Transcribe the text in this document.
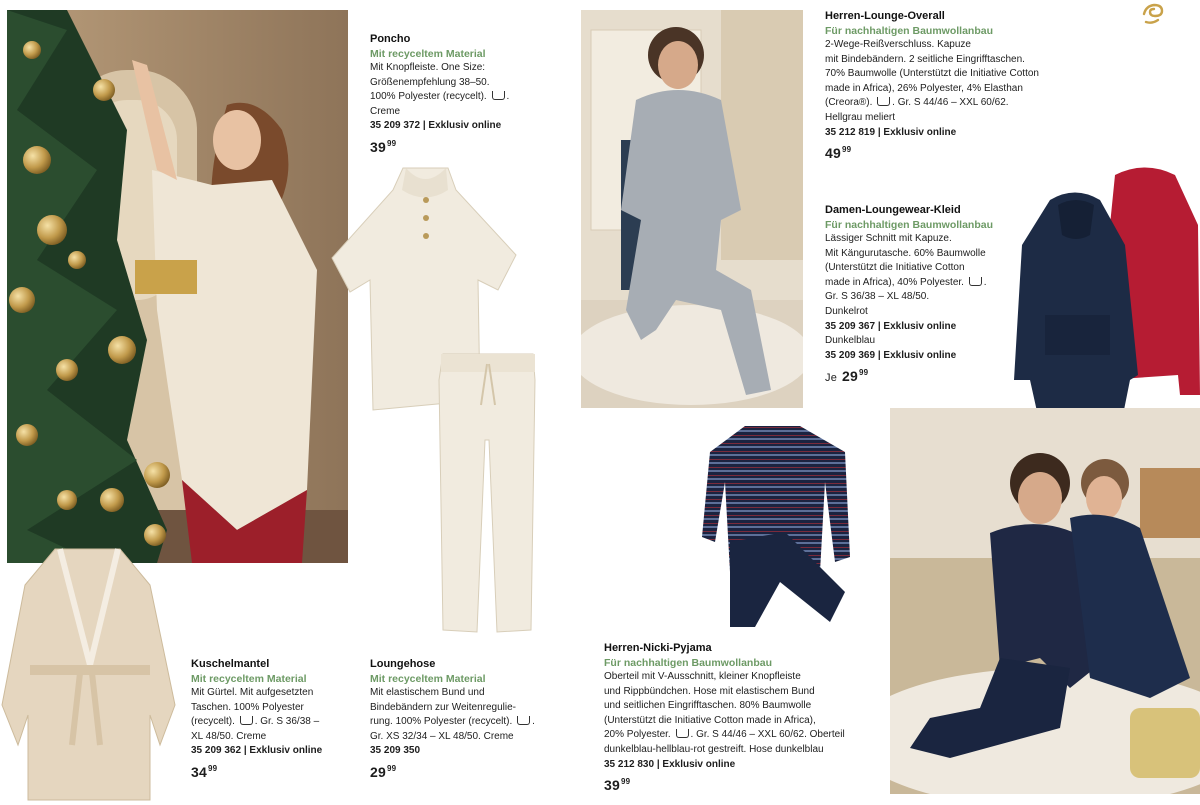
Poncho
Mit recyceltem Material
Mit Knopfleiste. One Size:
Größenempfehlung 38–50.
100% Polyester (recycelt). .
Creme
35 209 372 | Exklusiv online
$39^{99}$
Kuschelmantel
Mit recyceltem Material
Mit Gürtel. Mit aufgesetzten
Taschen. 100% Polyester
(recycelt). . Gr. S 36/38 –
XL 48/50. Creme
35 209 362 | Exklusiv online
$34^{99}$
Loungehose
Mit recyceltem Material
Mit elastischem Bund und
Bindebändern zur Weitenregulie-
rung. 100% Polyester (recycelt). .
Gr. XS 32/34 – XL 48/50. Creme
35 209 350
$29^{99}$
Herren-Lounge-Overall
Für nachhaltigen Baumwollanbau
2-Wege-Reißverschluss. Kapuze
mit Bindebändern. 2 seitliche Eingrifftaschen.
70% Baumwolle (Unterstützt die Initiative Cotton
made in Africa), 26% Polyester, 4% Elasthan
(Creora®). . Gr. S 44/46 – XXL 60/62.
Hellgrau meliert
35 212 819 | Exklusiv online
$49^{99}$
Damen-Loungewear-Kleid
Für nachhaltigen Baumwollanbau
Lässiger Schnitt mit Kapuze.
Mit Kängurutasche. 60% Baumwolle
(Unterstützt die Initiative Cotton
made in Africa), 40% Polyester. .
Gr. S 36/38 – XL 48/50.
Dunkelrot
35 209 367 | Exklusiv online
Dunkelblau
35 209 369 | Exklusiv online
Je $29^{99}$
Herren-Nicki-Pyjama
Für nachhaltigen Baumwollanbau
Oberteil mit V-Ausschnitt, kleiner Knopfleiste
und Rippbündchen. Hose mit elastischem Bund
und seitlichen Eingrifftaschen. 80% Baumwolle
(Unterstützt die Initiative Cotton made in Africa),
20% Polyester. . Gr. S 44/46 – XXL 60/62. Oberteil
dunkelblau-hellblau-rot gestreift. Hose dunkelblau
35 212 830 | Exklusiv online
$39^{99}$
